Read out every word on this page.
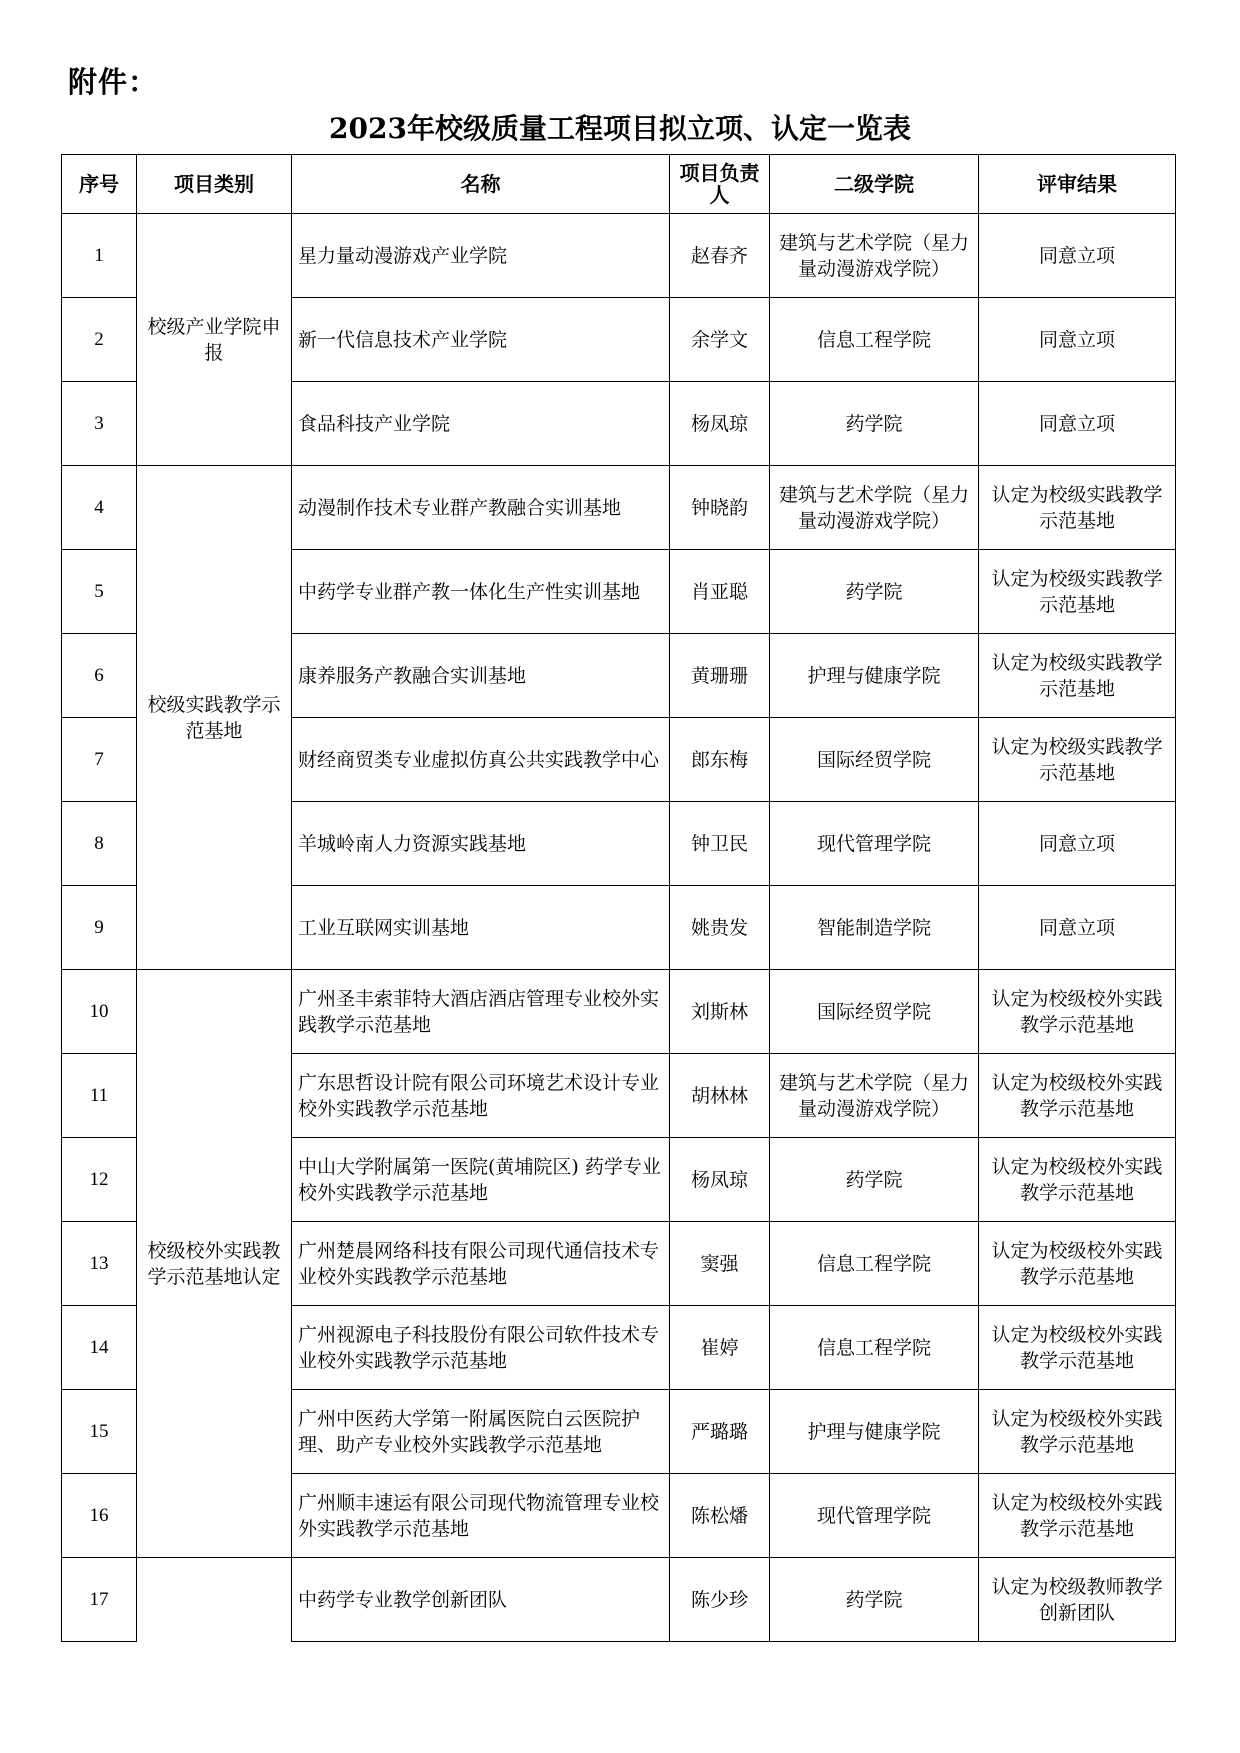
附件：
2023年校级质量工程项目拟立项、认定一览表
序号	项目类别	名称	项目负责人	二级学院	评审结果
1	校级产业学院申报	星力量动漫游戏产业学院	赵春齐	建筑与艺术学院（星力量动漫游戏学院）	同意立项
2		新一代信息技术产业学院	余学文	信息工程学院	同意立项
3		食品科技产业学院	杨凤琼	药学院	同意立项
4	校级实践教学示范基地	动漫制作技术专业群产教融合实训基地	钟晓韵	建筑与艺术学院（星力量动漫游戏学院）	认定为校级实践教学示范基地
5		中药学专业群产教一体化生产性实训基地	肖亚聪	药学院	认定为校级实践教学示范基地
6		康养服务产教融合实训基地	黄珊珊	护理与健康学院	认定为校级实践教学示范基地
7		财经商贸类专业虚拟仿真公共实践教学中心	郎东梅	国际经贸学院	认定为校级实践教学示范基地
8		羊城岭南人力资源实践基地	钟卫民	现代管理学院	同意立项
9		工业互联网实训基地	姚贵发	智能制造学院	同意立项
10	校级校外实践教学示范基地认定	广州圣丰索菲特大酒店酒店管理专业校外实践教学示范基地	刘斯林	国际经贸学院	认定为校级校外实践教学示范基地
11		广东思哲设计院有限公司环境艺术设计专业校外实践教学示范基地	胡林林	建筑与艺术学院（星力量动漫游戏学院）	认定为校级校外实践教学示范基地
12		中山大学附属第一医院(黄埔院区) 药学专业校外实践教学示范基地	杨凤琼	药学院	认定为校级校外实践教学示范基地
13		广州楚晨网络科技有限公司现代通信技术专业校外实践教学示范基地	窦强	信息工程学院	认定为校级校外实践教学示范基地
14		广州视源电子科技股份有限公司软件技术专业校外实践教学示范基地	崔婷	信息工程学院	认定为校级校外实践教学示范基地
15		广州中医药大学第一附属医院白云医院护理、助产专业校外实践教学示范基地	严璐璐	护理与健康学院	认定为校级校外实践教学示范基地
16		广州顺丰速运有限公司现代物流管理专业校外实践教学示范基地	陈松燔	现代管理学院	认定为校级校外实践教学示范基地
17		中药学专业教学创新团队	陈少珍	药学院	认定为校级教师教学创新团队
